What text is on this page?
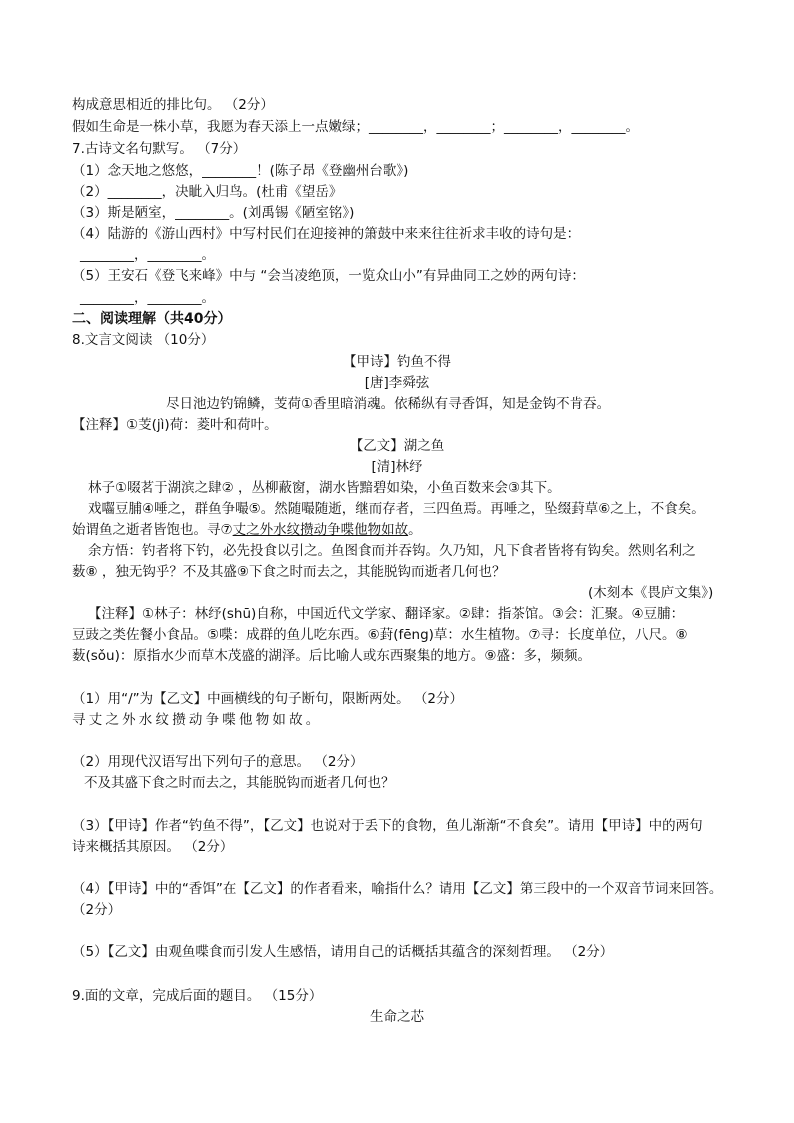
构成意思相近的排比句。 （2分）
假如生命是一株小草，我愿为春天添上一点嫩绿；________，________；________，________。
7.古诗文名句默写。 （7分）
（1）念天地之悠悠，________！(陈子昂《登幽州台歌》)
（2）________，决眦入归鸟。(杜甫《望岳》
（3）斯是陋室，________。(刘禹锡《陋室铭》)
（4）陆游的《游山西村》中写村民们在迎接神的箫鼓中来来往往祈求丰收的诗句是：
________，________。
（5）王安石《登飞来峰》中与 “会当凌绝顶，一览众山小”有异曲同工之妙的两句诗：
________，________。
二、阅读理解（共40分）
8.文言文阅读 （10分）
【甲诗】钓鱼不得
[唐]李舜弦
尽日池边钓锦鳞，芰荷①香里暗消魂。依稀纵有寻香饵，知是金钩不肯吞。
【注释】①芰(jì)荷：菱叶和荷叶。
【乙文】湖之鱼
[清]林纾
林子①啜茗于湖滨之肆② ，丛柳蔽窗，湖水皆黯碧如染，小鱼百数来会③其下。
戏囓豆脯④唾之，群鱼争嘬⑤。然随嘬随逝，继而存者，三四鱼焉。再唾之，坠缀葑草⑥之上，不食矣。
始谓鱼之逝者皆饱也。寻⑦丈之外水纹攒动争喋他物如故。
余方悟：钓者将下钓，必先投食以引之。鱼图食而并吞钩。久乃知，凡下食者皆将有钩矣。然则名利之
薮⑧ ，独无钩乎？不及其盛⑨下食之时而去之，其能脱钩而逝者几何也？
(木刻本《畏庐文集》)
【注释】①林子：林纾(shū)自称，中国近代文学家、翻译家。②肆：指茶馆。③会：汇聚。④豆脯：
豆豉之类佐餐小食品。⑤喋：成群的鱼儿吃东西。⑥葑(fēng)草：水生植物。⑦寻：长度单位，八尺。⑧
薮(sǒu)：原指水少而草木茂盛的湖泽。后比喻人或东西聚集的地方。⑨盛：多，频频。
（1）用“/”为【乙文】中画横线的句子断句，限断两处。 （2分）
寻丈之外水纹攒动争喋他物如故。
（2）用现代汉语写出下列句子的意思。 （2分）
不及其盛下食之时而去之，其能脱钩而逝者几何也？
（3）【甲诗】作者“钓鱼不得”，【乙文】也说对于丢下的食物，鱼儿渐渐“不食矣”。请用【甲诗】中的两句
诗来概括其原因。 （2分）
（4）【甲诗】中的“香饵”在【乙文】的作者看来，喻指什么？请用【乙文】第三段中的一个双音节词来回答。
（2分）
（5）【乙文】由观鱼喋食而引发人生感悟，请用自己的话概括其蕴含的深刻哲理。 （2分）
9.面的文章，完成后面的题目。 （15分）
生命之芯
